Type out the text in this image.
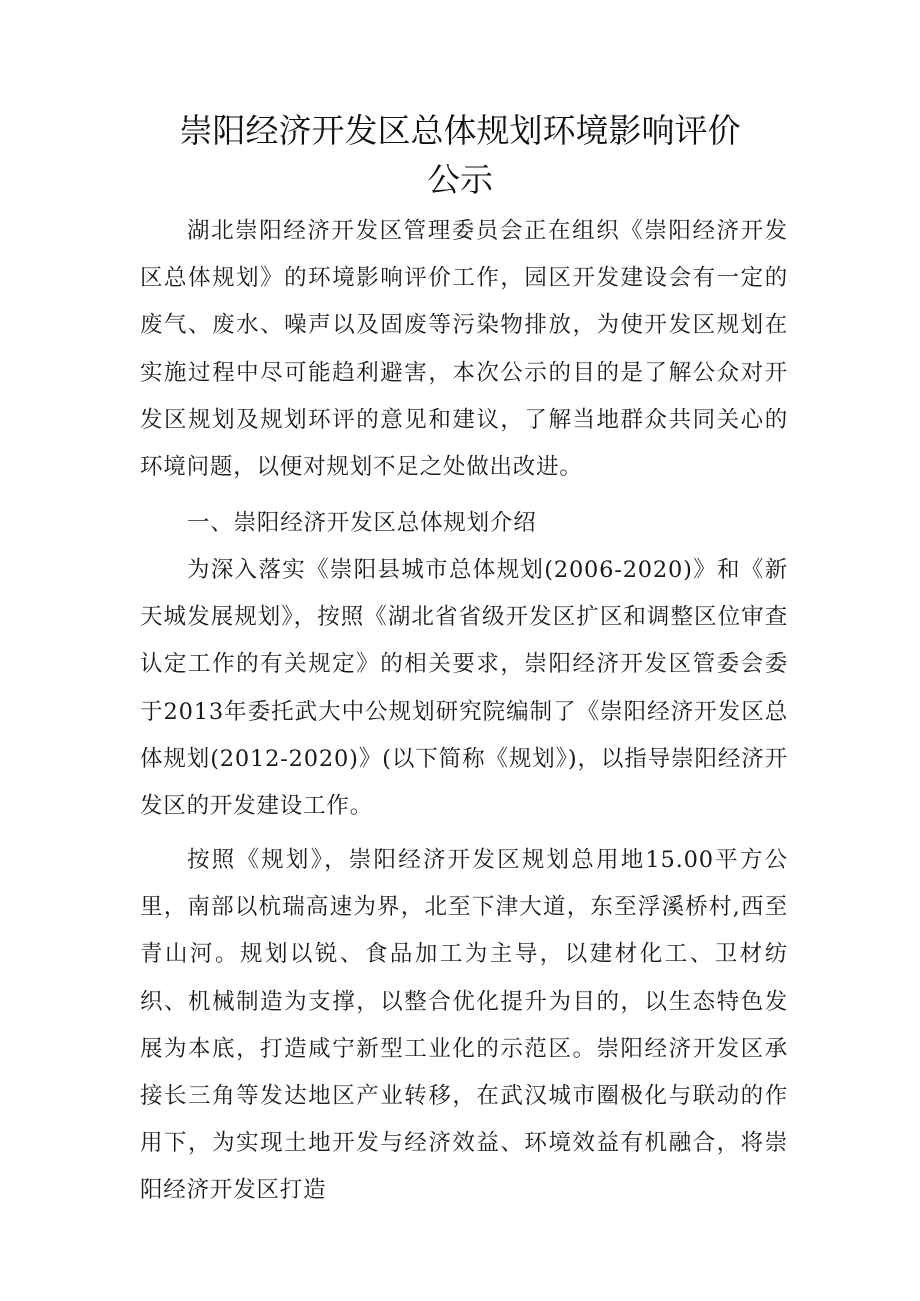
崇阳经济开发区总体规划环境影响评价
公示

湖北崇阳经济开发区管理委员会正在组织《崇阳经济开发区总体规划》的环境影响评价工作，园区开发建设会有一定的废气、废水、噪声以及固废等污染物排放，为使开发区规划在实施过程中尽可能趋利避害，本次公示的目的是了解公众对开发区规划及规划环评的意见和建议，了解当地群众共同关心的环境问题，以便对规划不足之处做出改进。

一、崇阳经济开发区总体规划介绍

为深入落实《崇阳县城市总体规划(2006-2020)》和《新天城发展规划》，按照《湖北省省级开发区扩区和调整区位审查认定工作的有关规定》的相关要求，崇阳经济开发区管委会委于2013年委托武大中公规划研究院编制了《崇阳经济开发区总体规划(2012-2020)》(以下简称《规划》)，以指导崇阳经济开发区的开发建设工作。

按照《规划》，崇阳经济开发区规划总用地15.00平方公里，南部以杭瑞高速为界，北至下津大道，东至浮溪桥村,西至青山河。规划以锐、食品加工为主导，以建材化工、卫材纺织、机械制造为支撑，以整合优化提升为目的，以生态特色发展为本底，打造咸宁新型工业化的示范区。崇阳经济开发区承接长三角等发达地区产业转移，在武汉城市圈极化与联动的作用下，为实现土地开发与经济效益、环境效益有机融合，将崇阳经济开发区打造
